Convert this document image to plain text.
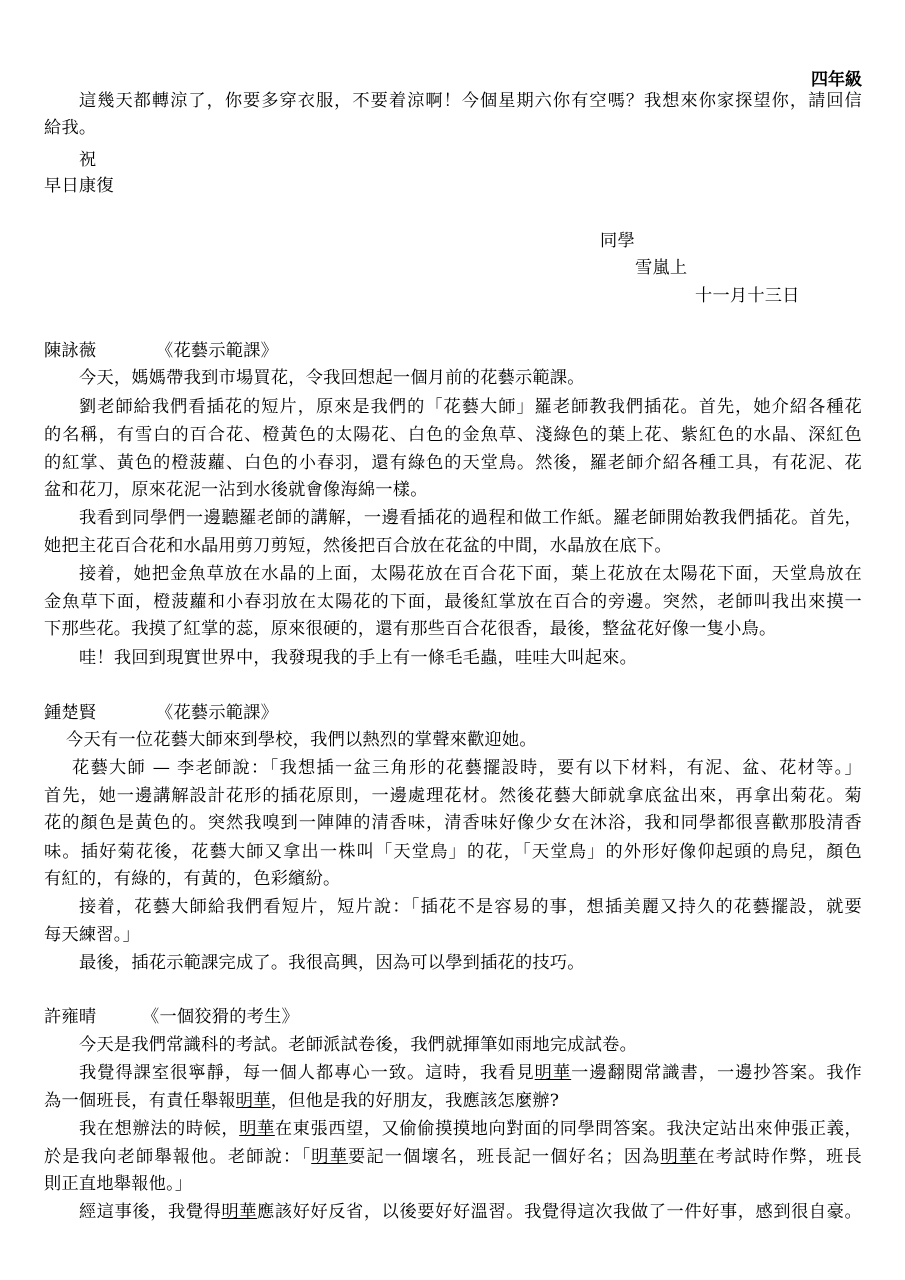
四年級

這幾天都轉涼了，你要多穿衣服，不要着涼啊！今個星期六你有空嗎？我想來你家探望你，請回信

給我。

祝

早日康復

同學

雪嵐上

十一月十三日

陳詠薇	《花藝示範課》

今天，媽媽帶我到市場買花，令我回想起一個月前的花藝示範課。

劉老師給我們看插花的短片，原來是我們的「花藝大師」羅老師教我們插花。首先，她介紹各種花

的名稱，有雪白的百合花、橙黃色的太陽花、白色的金魚草、淺綠色的葉上花、紫紅色的水晶、深紅色

的紅掌、黃色的橙菠蘿、白色的小春羽，還有綠色的天堂鳥。然後，羅老師介紹各種工具，有花泥、花

盆和花刀，原來花泥一沾到水後就會像海綿一樣。

我看到同學們一邊聽羅老師的講解，一邊看插花的過程和做工作紙。羅老師開始教我們插花。首先，

她把主花百合花和水晶用剪刀剪短，然後把百合放在花盆的中間，水晶放在底下。

接着，她把金魚草放在水晶的上面，太陽花放在百合花下面，葉上花放在太陽花下面，天堂鳥放在

金魚草下面，橙菠蘿和小春羽放在太陽花的下面，最後紅掌放在百合的旁邊。突然，老師叫我出來摸一

下那些花。我摸了紅掌的蕊，原來很硬的，還有那些百合花很香，最後，整盆花好像一隻小鳥。

哇！我回到現實世界中，我發現我的手上有一條毛毛蟲，哇哇大叫起來。

鍾楚賢	《花藝示範課》

今天有一位花藝大師來到學校，我們以熱烈的掌聲來歡迎她。

花藝大師 — 李老師說：「我想插一盆三角形的花藝擺設時，要有以下材料，有泥、盆、花材等。」

首先，她一邊講解設計花形的插花原則，一邊處理花材。然後花藝大師就拿底盆出來，再拿出菊花。菊

花的顏色是黃色的。突然我嗅到一陣陣的清香味，清香味好像少女在沐浴，我和同學都很喜歡那股清香

味。插好菊花後，花藝大師又拿出一株叫「天堂鳥」的花，「天堂鳥」的外形好像仰起頭的鳥兒，顏色

有紅的，有綠的，有黃的，色彩繽紛。

接着，花藝大師給我們看短片，短片說：「插花不是容易的事，想插美麗又持久的花藝擺設，就要

每天練習。」

最後，插花示範課完成了。我很高興，因為可以學到插花的技巧。

許雍晴	《一個狡猾的考生》

今天是我們常識科的考試。老師派試卷後，我們就揮筆如雨地完成試卷。

我覺得課室很寧靜，每一個人都專心一致。這時，我看見明華一邊翻閱常識書，一邊抄答案。我作

為一個班長，有責任舉報明華，但他是我的好朋友，我應該怎麼辦?

我在想辦法的時候，明華在東張西望，又偷偷摸摸地向對面的同學問答案。我決定站出來伸張正義，

於是我向老師舉報他。老師說：「明華要記一個壞名，班長記一個好名；因為明華在考試時作弊，班長

則正直地舉報他。」

經這事後，我覺得明華應該好好反省，以後要好好溫習。我覺得這次我做了一件好事，感到很自豪。
